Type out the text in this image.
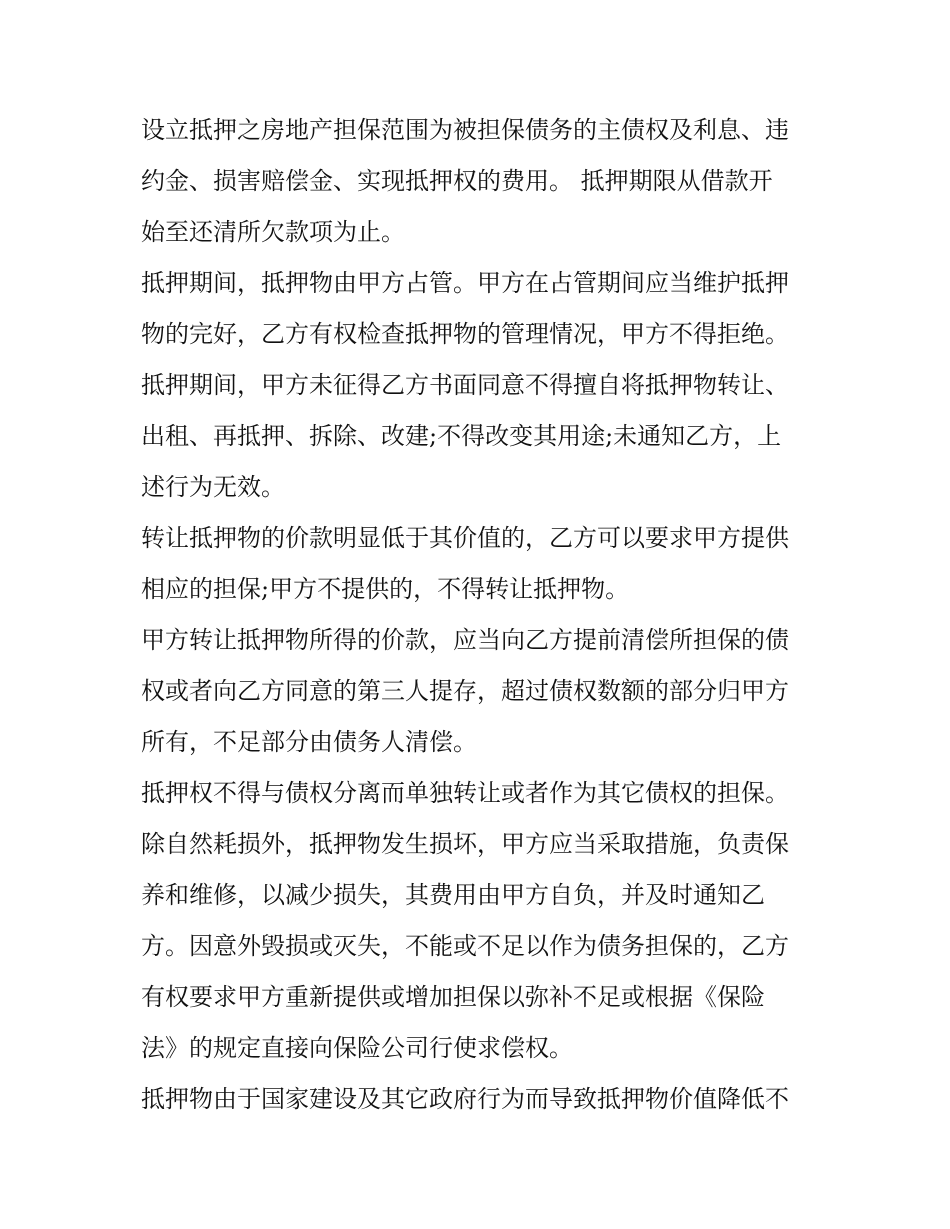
设立抵押之房地产担保范围为被担保债务的主债权及利息、违
约金、损害赔偿金、实现抵押权的费用。 抵押期限从借款开
始至还清所欠款项为止。
抵押期间，抵押物由甲方占管。甲方在占管期间应当维护抵押
物的完好，乙方有权检查抵押物的管理情况，甲方不得拒绝。
抵押期间，甲方未征得乙方书面同意不得擅自将抵押物转让、
出租、再抵押、拆除、改建;不得改变其用途;未通知乙方，上
述行为无效。
转让抵押物的价款明显低于其价值的，乙方可以要求甲方提供
相应的担保;甲方不提供的，不得转让抵押物。
甲方转让抵押物所得的价款，应当向乙方提前清偿所担保的债
权或者向乙方同意的第三人提存，超过债权数额的部分归甲方
所有，不足部分由债务人清偿。
抵押权不得与债权分离而单独转让或者作为其它债权的担保。
除自然耗损外，抵押物发生损坏，甲方应当采取措施，负责保
养和维修，以减少损失，其费用由甲方自负，并及时通知乙
方。因意外毁损或灭失，不能或不足以作为债务担保的，乙方
有权要求甲方重新提供或增加担保以弥补不足或根据《保险
法》的规定直接向保险公司行使求偿权。
抵押物由于国家建设及其它政府行为而导致抵押物价值降低不
